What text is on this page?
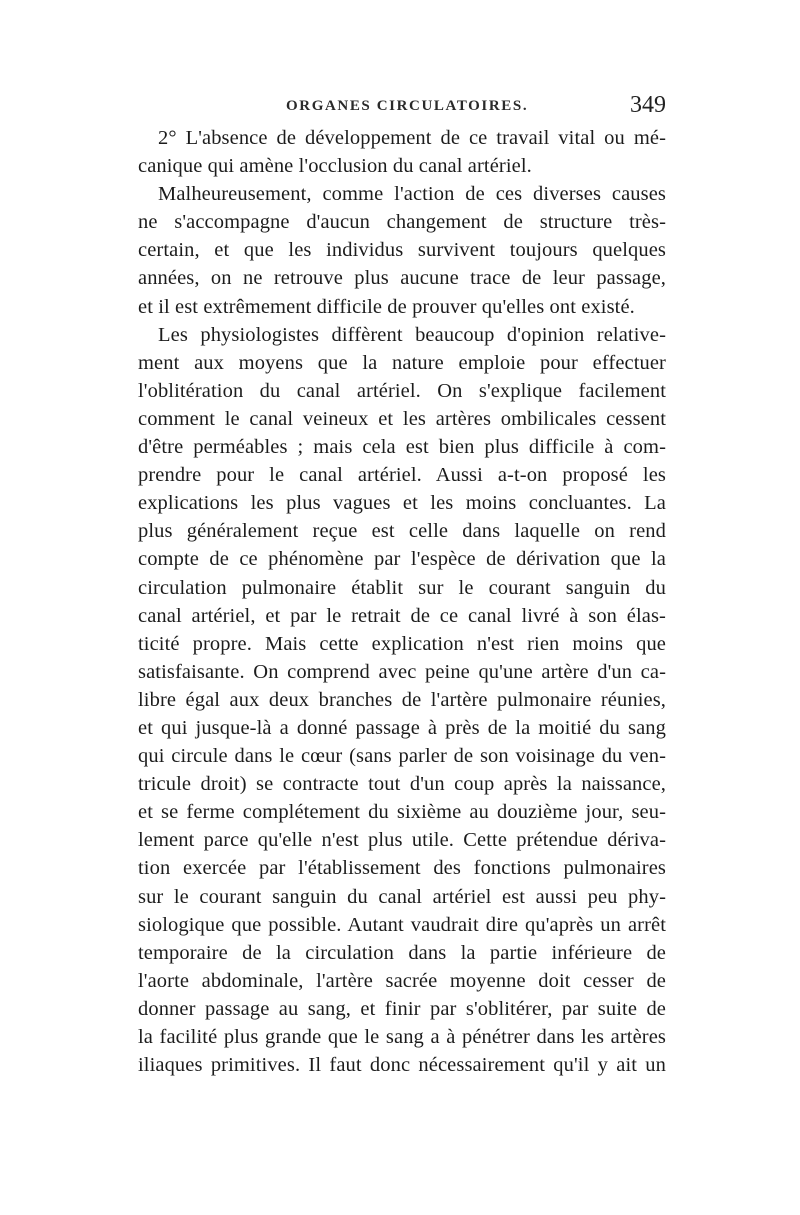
ORGANES CIRCULATOIRES.	349
2° L'absence de développement de ce travail vital ou mé-
canique qui amène l'occlusion du canal artériel.
Malheureusement, comme l'action de ces diverses causes
ne s'accompagne d'aucun changement de structure très-
certain, et que les individus survivent toujours quelques
années, on ne retrouve plus aucune trace de leur passage,
et il est extrêmement difficile de prouver qu'elles ont existé.
Les physiologistes diffèrent beaucoup d'opinion relative-
ment aux moyens que la nature emploie pour effectuer
l'oblitération du canal artériel. On s'explique facilement
comment le canal veineux et les artères ombilicales cessent
d'être perméables ; mais cela est bien plus difficile à com-
prendre pour le canal artériel. Aussi a-t-on proposé les
explications les plus vagues et les moins concluantes. La
plus généralement reçue est celle dans laquelle on rend
compte de ce phénomène par l'espèce de dérivation que la
circulation pulmonaire établit sur le courant sanguin du
canal artériel, et par le retrait de ce canal livré à son élas-
ticité propre. Mais cette explication n'est rien moins que
satisfaisante. On comprend avec peine qu'une artère d'un ca-
libre égal aux deux branches de l'artère pulmonaire réunies,
et qui jusque-là a donné passage à près de la moitié du sang
qui circule dans le cœur (sans parler de son voisinage du ven-
tricule droit) se contracte tout d'un coup après la naissance,
et se ferme complétement du sixième au douzième jour, seu-
lement parce qu'elle n'est plus utile. Cette prétendue dériva-
tion exercée par l'établissement des fonctions pulmonaires
sur le courant sanguin du canal artériel est aussi peu phy-
siologique que possible. Autant vaudrait dire qu'après un arrêt
temporaire de la circulation dans la partie inférieure de
l'aorte abdominale, l'artère sacrée moyenne doit cesser de
donner passage au sang, et finir par s'oblitérer, par suite de
la facilité plus grande que le sang a à pénétrer dans les artères
iliaques primitives. Il faut donc nécessairement qu'il y ait un
